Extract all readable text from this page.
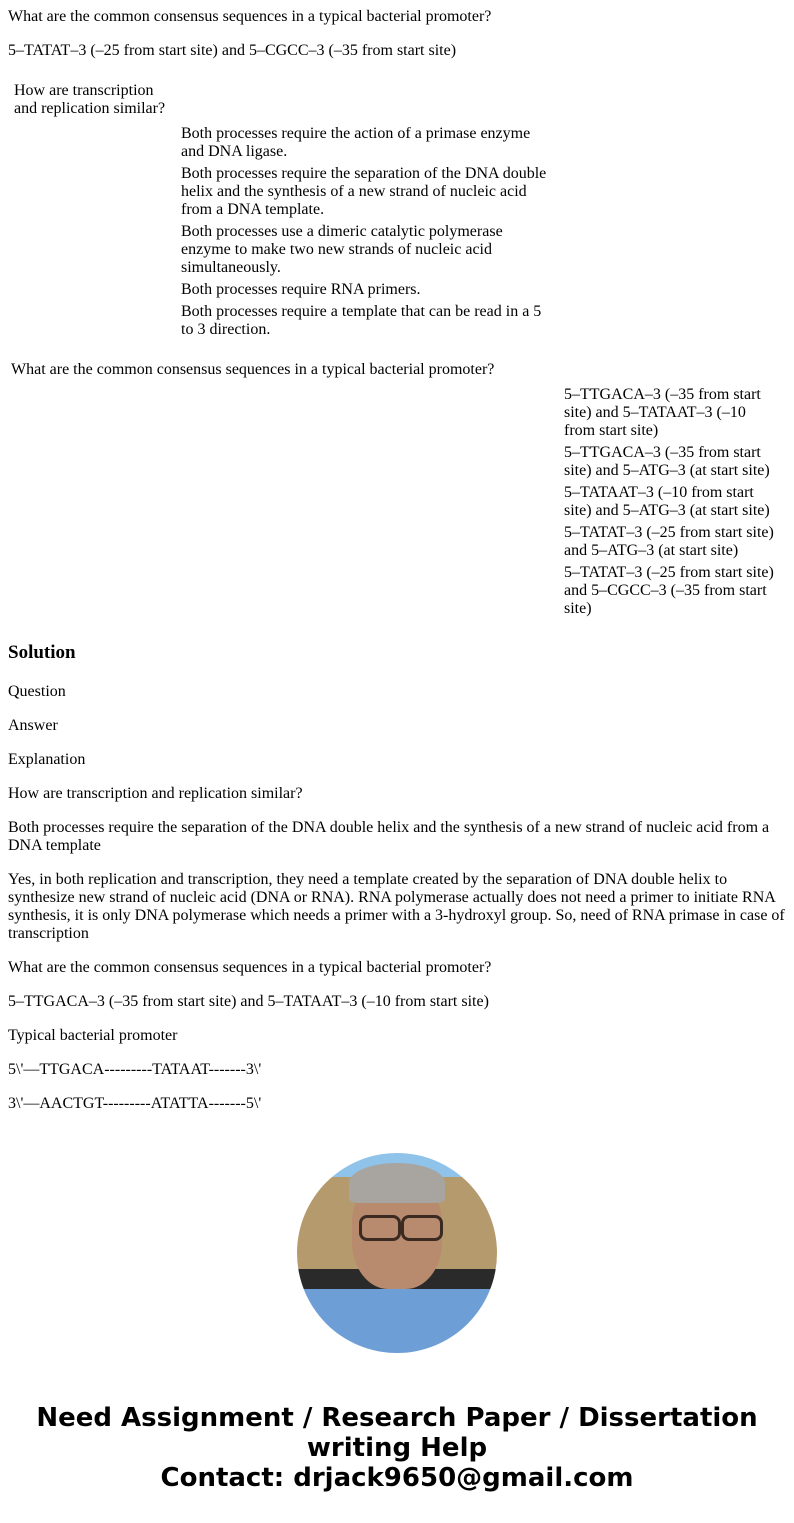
What are the common consensus sequences in a typical bacterial promoter?
5–TATAT–3 (–25 from start site) and 5–CGCC–3 (–35 from start site)
How are transcription and replication similar?
Both processes require the action of a primase enzyme and DNA ligase.
Both processes require the separation of the DNA double helix and the synthesis of a new strand of nucleic acid from a DNA template.
Both processes use a dimeric catalytic polymerase enzyme to make two new strands of nucleic acid simultaneously.
Both processes require RNA primers.
Both processes require a template that can be read in a 5 to 3 direction.
What are the common consensus sequences in a typical bacterial promoter?
5–TTGACA–3 (–35 from start site) and 5–TATAAT–3 (–10 from start site)
5–TTGACA–3 (–35 from start site) and 5–ATG–3 (at start site)
5–TATAAT–3 (–10 from start site) and 5–ATG–3 (at start site)
5–TATAT–3 (–25 from start site) and 5–ATG–3 (at start site)
5–TATAT–3 (–25 from start site) and 5–CGCC–3 (–35 from start site)
Solution
Question
Answer
Explanation
How are transcription and replication similar?
Both processes require the separation of the DNA double helix and the synthesis of a new strand of nucleic acid from a DNA template
Yes, in both replication and transcription, they need a template created by the separation of DNA double helix to synthesize new strand of nucleic acid (DNA or RNA). RNA polymerase actually does not need a primer to initiate RNA synthesis, it is only DNA polymerase which needs a primer with a 3-hydroxyl group. So, need of RNA primase in case of transcription
What are the common consensus sequences in a typical bacterial promoter?
5–TTGACA–3 (–35 from start site) and 5–TATAAT–3 (–10 from start site)
Typical bacterial promoter
5\'—TTGACA---------TATAAT-------3\'
3\'—AACTGT---------ATATTA-------5\'
Need Assignment / Research Paper / Dissertation writing Help
Contact: drjack9650@gmail.com
